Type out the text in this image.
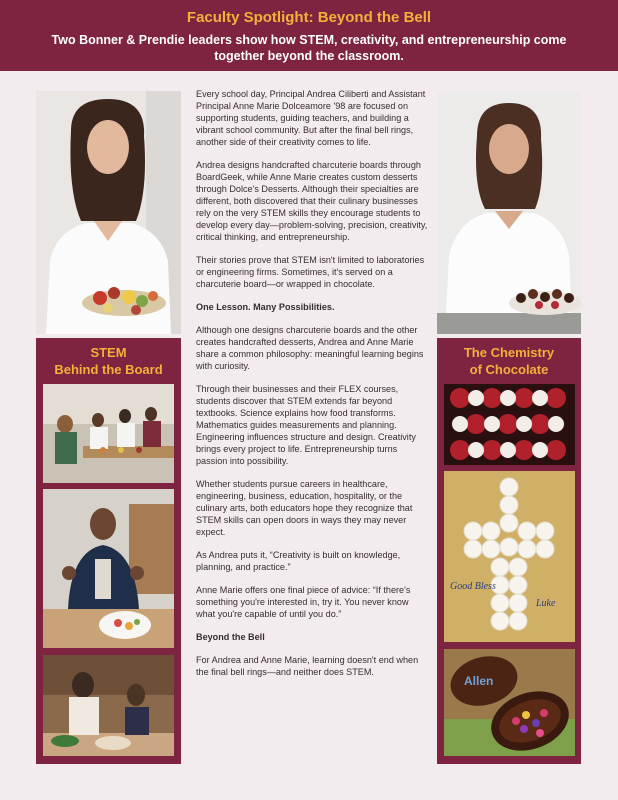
Faculty Spotlight: Beyond the Bell
Two Bonner & Prendie leaders show how STEM, creativity, and entrepreneurship come together beyond the classroom.
STEM
Behind the Board
The Chemistry
of Chocolate
Good Bless
Luke
Allen

Every school day, Principal Andrea Ciliberti and Assistant Principal Anne Marie Dolceamore '98 are focused on supporting students, guiding teachers, and building a vibrant school community. But after the final bell rings, another side of their creativity comes to life.

Andrea designs handcrafted charcuterie boards through BoardGeek, while Anne Marie creates custom desserts through Dolce's Desserts. Although their specialties are different, both discovered that their culinary businesses rely on the very STEM skills they encourage students to develop every day—problem-solving, precision, creativity, critical thinking, and entrepreneurship.

Their stories prove that STEM isn't limited to laboratories or engineering firms. Sometimes, it's served on a charcuterie board—or wrapped in chocolate.

One Lesson. Many Possibilities.

Although one designs charcuterie boards and the other creates handcrafted desserts, Andrea and Anne Marie share a common philosophy: meaningful learning begins with curiosity.

Through their businesses and their FLEX courses, students discover that STEM extends far beyond textbooks. Science explains how food transforms. Mathematics guides measurements and planning. Engineering influences structure and design. Creativity brings every project to life. Entrepreneurship turns passion into possibility.

Whether students pursue careers in healthcare, engineering, business, education, hospitality, or the culinary arts, both educators hope they recognize that STEM skills can open doors in ways they may never expect.

As Andrea puts it, “Creativity is built on knowledge, planning, and practice.”

Anne Marie offers one final piece of advice: “If there's something you're interested in, try it. You never know what you're capable of until you do.”

Beyond the Bell

For Andrea and Anne Marie, learning doesn't end when the final bell rings—and neither does STEM.
